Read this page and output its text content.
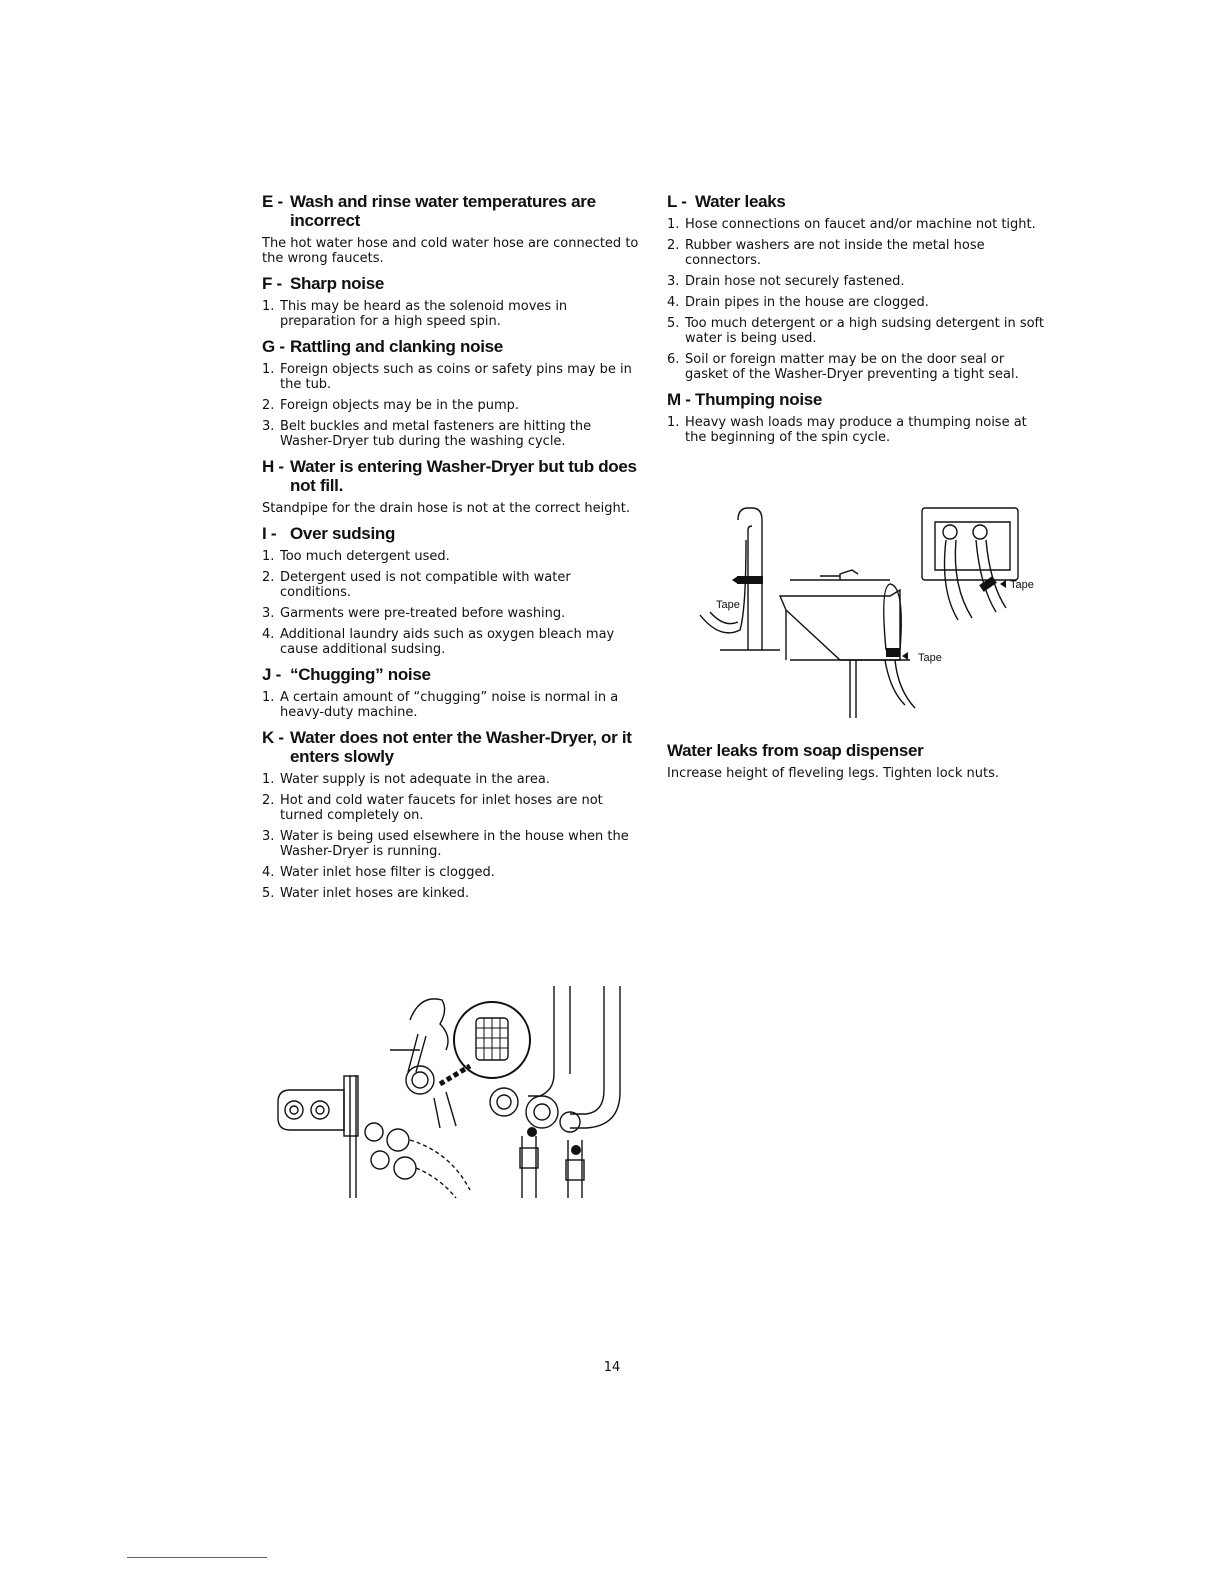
E - Wash and rinse water temperatures are incorrect

The hot water hose and cold water hose are connected to the wrong faucets.

F - Sharp noise
1. This may be heard as the solenoid moves in preparation for a high speed spin.
G - Rattling and clanking noise
1. Foreign objects such as coins or safety pins may be in the tub.
2. Foreign objects may be in the pump.
3. Belt buckles and metal fasteners are hitting the Washer-Dryer tub during the washing cycle.
H - Water is entering Washer-Dryer but tub does not fill.

Standpipe for the drain hose is not at the correct height.

I - Over sudsing
1. Too much detergent used.
2. Detergent used is not compatible with water conditions.
3. Garments were pre-treated before washing.
4. Additional laundry aids such as oxygen bleach may cause additional sudsing.
J - “Chugging” noise
1. A certain amount of “chugging” noise is normal in a heavy-duty machine.
K - Water does not enter the Washer-Dryer, or it enters slowly
1. Water supply is not adequate in the area.
2. Hot and cold water faucets for inlet hoses are not turned completely on.
3. Water is being used elsewhere in the house when the Washer-Dryer is running.
4. Water inlet hose filter is clogged.
5. Water inlet hoses are kinked.
L - Water leaks
1. Hose connections on faucet and/or machine not tight.
2. Rubber washers are not inside the metal hose connectors.
3. Drain hose not securely fastened.
4. Drain pipes in the house are clogged.
5. Too much detergent or a high sudsing detergent in soft water is being used.
6. Soil or foreign matter may be on the door seal or gasket of the Washer-Dryer preventing a tight seal.
M - Thumping noise
1. Heavy wash loads may produce a thumping noise at the beginning of the spin cycle.
Tape
Tape
Tape
Water leaks from soap dispenser

Increase height of fleveling legs. Tighten lock nuts.

14
